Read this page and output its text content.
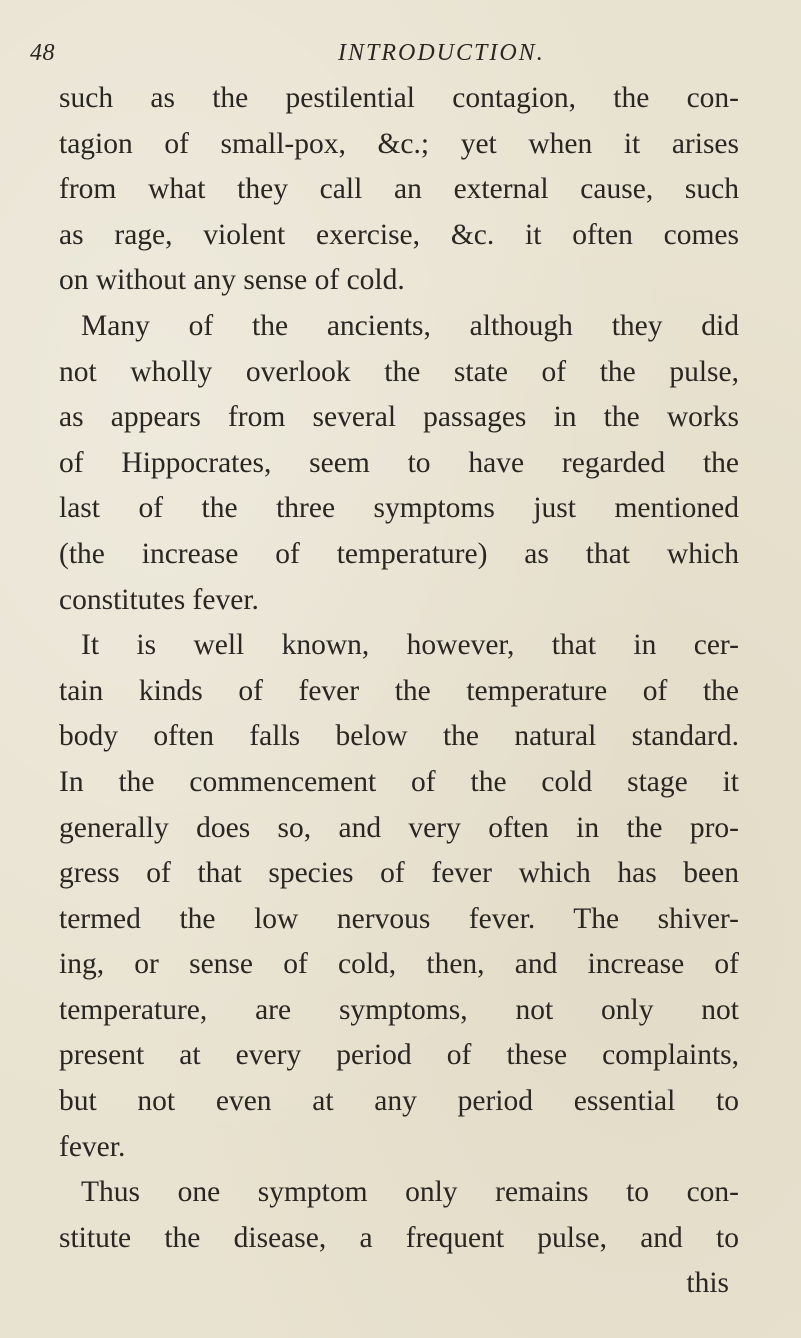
48	INTRODUCTION.
such as the pestilential contagion, the con-
tagion of small-pox, &c.; yet when it arises
from what they call an external cause, such
as rage, violent exercise, &c. it often comes
on without any sense of cold.
Many of the ancients, although they did
not wholly overlook the state of the pulse,
as appears from several passages in the works
of Hippocrates, seem to have regarded the
last of the three symptoms just mentioned
(the increase of temperature) as that which
constitutes fever.
It is well known, however, that in cer-
tain kinds of fever the temperature of the
body often falls below the natural standard.
In the commencement of the cold stage it
generally does so, and very often in the pro-
gress of that species of fever which has been
termed the low nervous fever. The shiver-
ing, or sense of cold, then, and increase of
temperature, are symptoms, not only not
present at every period of these complaints,
but not even at any period essential to
fever.
Thus one symptom only remains to con-
stitute the disease, a frequent pulse, and to
this
